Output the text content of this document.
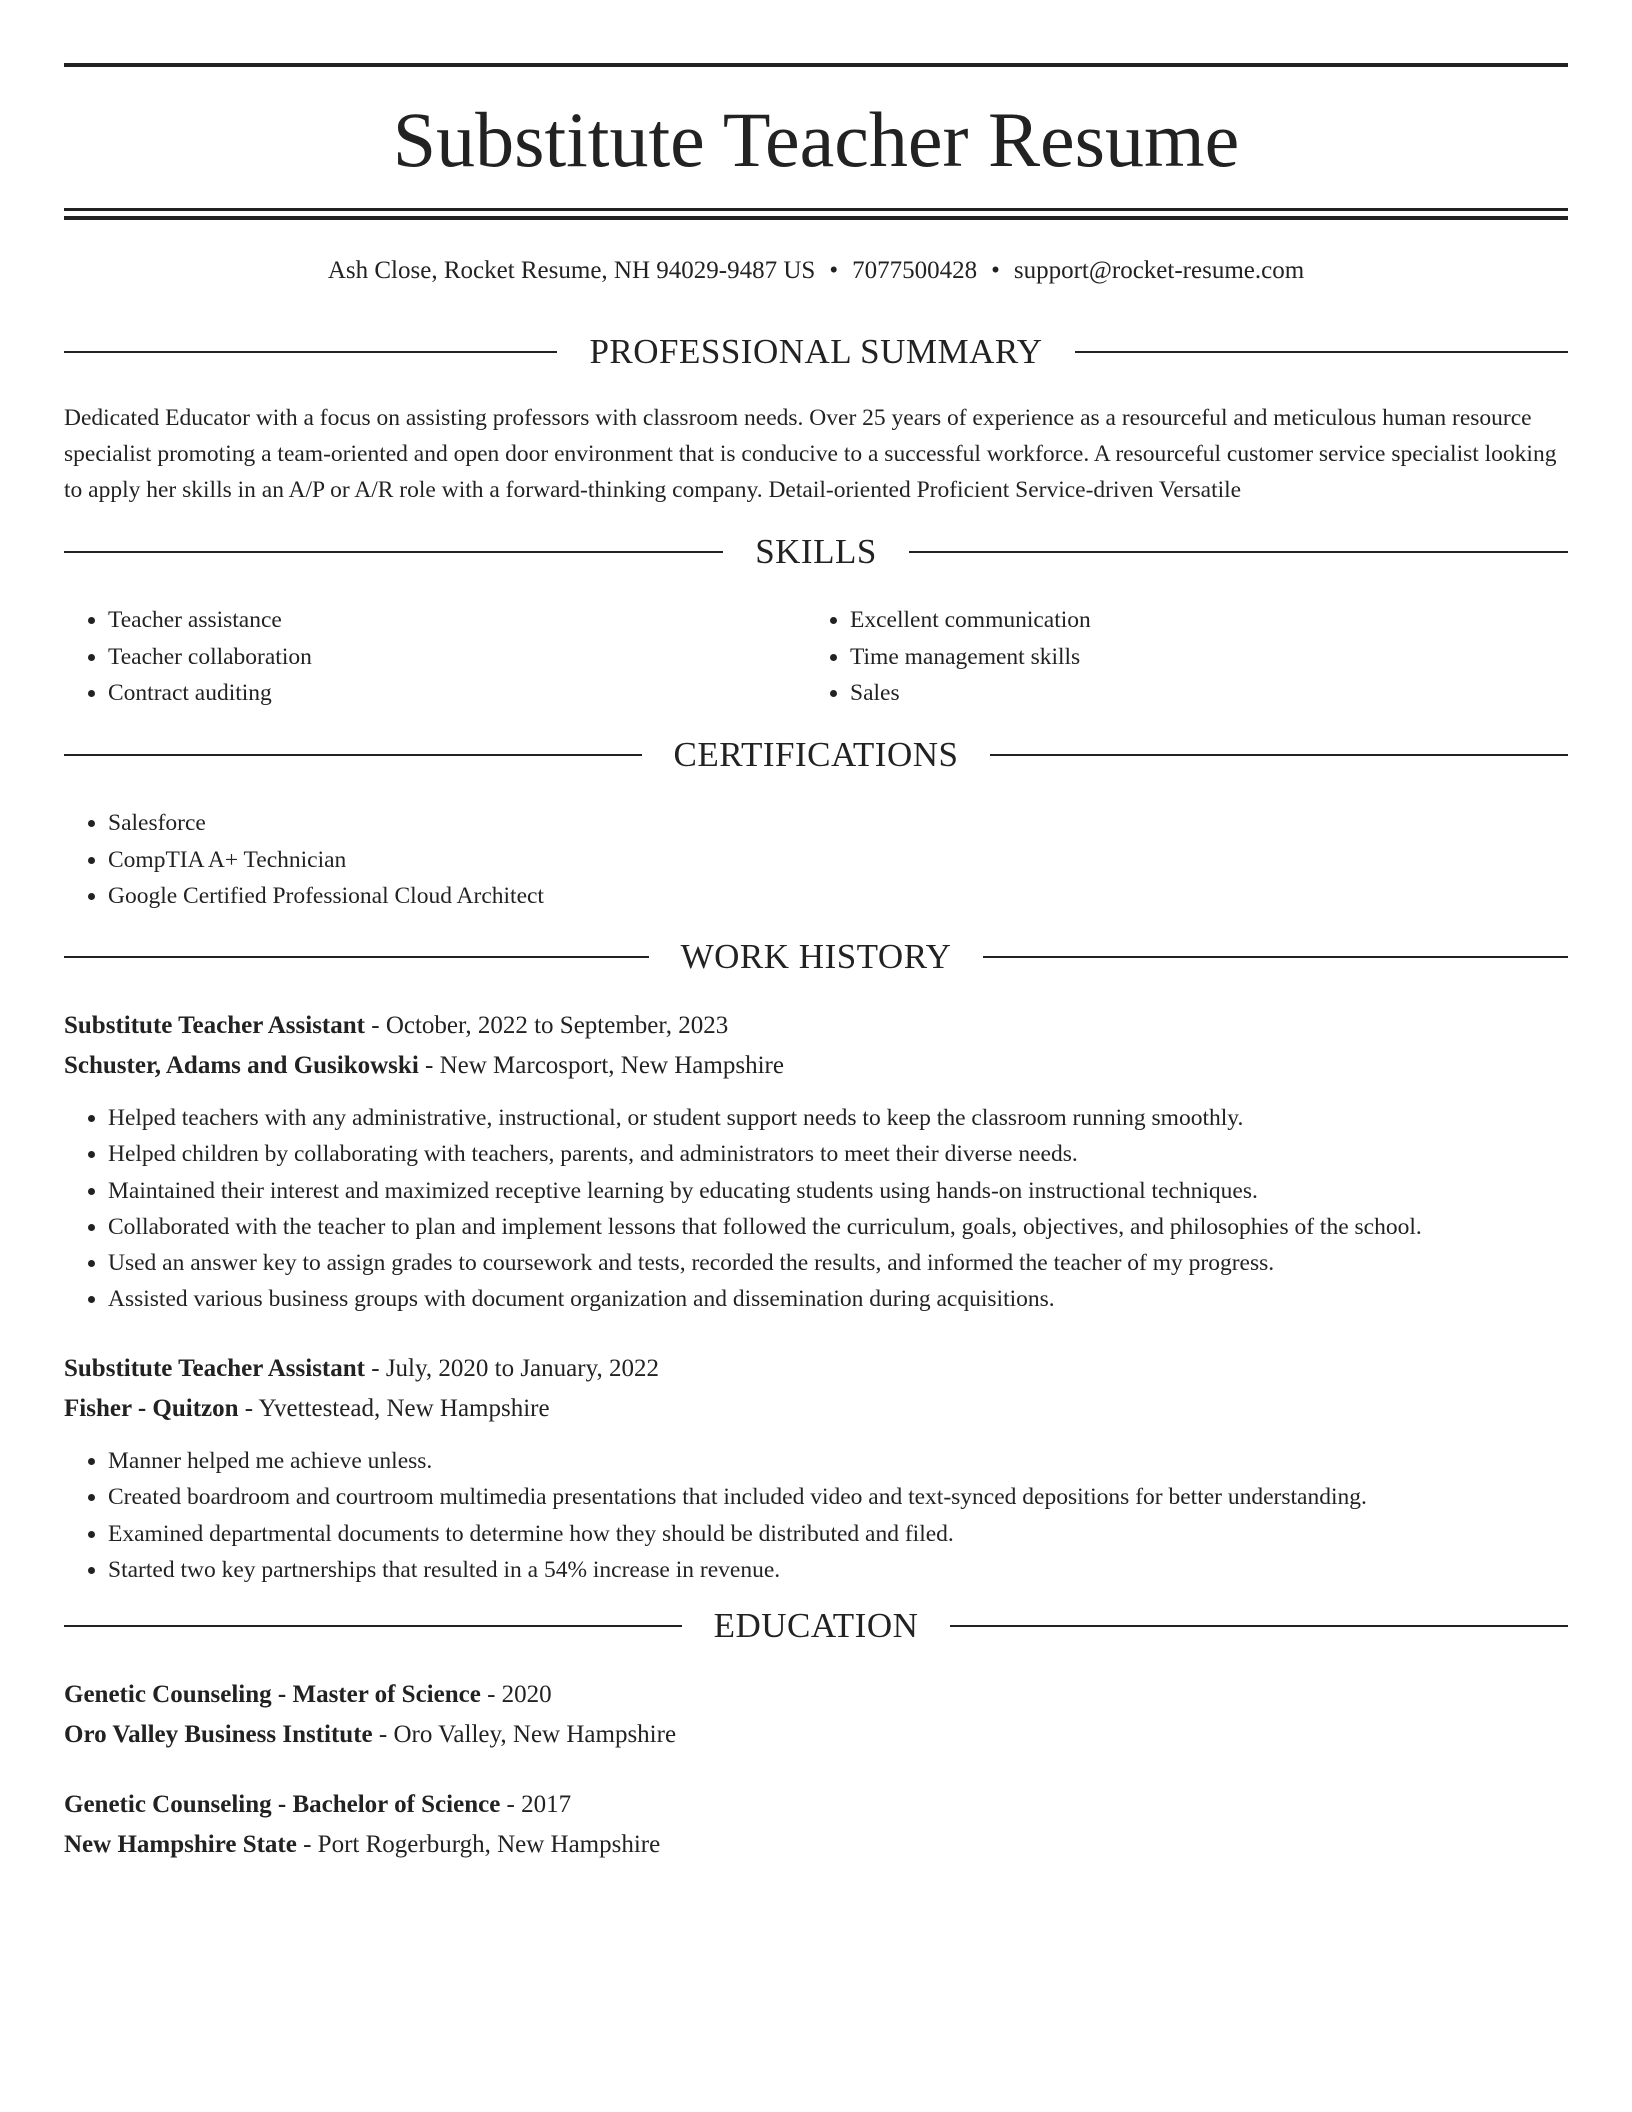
Substitute Teacher Resume
Ash Close, Rocket Resume, NH 94029-9487 US • 7077500428 • support@rocket-resume.com
PROFESSIONAL SUMMARY

Dedicated Educator with a focus on assisting professors with classroom needs. Over 25 years of experience as a resourceful and meticulous human resource specialist promoting a team-oriented and open door environment that is conducive to a successful workforce. A resourceful customer service specialist looking to apply her skills in an A/P or A/R role with a forward-thinking company. Detail-oriented Proficient Service-driven Versatile

SKILLS
• Teacher assistance
• Teacher collaboration
• Contract auditing
• Excellent communication
• Time management skills
• Sales
CERTIFICATIONS
• Salesforce
• CompTIA A+ Technician
• Google Certified Professional Cloud Architect
WORK HISTORY
Substitute Teacher Assistant - October, 2022 to September, 2023
Schuster, Adams and Gusikowski - New Marcosport, New Hampshire
• Helped teachers with any administrative, instructional, or student support needs to keep the classroom running smoothly.
• Helped children by collaborating with teachers, parents, and administrators to meet their diverse needs.
• Maintained their interest and maximized receptive learning by educating students using hands-on instructional techniques.
• Collaborated with the teacher to plan and implement lessons that followed the curriculum, goals, objectives, and philosophies of the school.
• Used an answer key to assign grades to coursework and tests, recorded the results, and informed the teacher of my progress.
• Assisted various business groups with document organization and dissemination during acquisitions.
Substitute Teacher Assistant - July, 2020 to January, 2022
Fisher - Quitzon - Yvettestead, New Hampshire
• Manner helped me achieve unless.
• Created boardroom and courtroom multimedia presentations that included video and text-synced depositions for better understanding.
• Examined departmental documents to determine how they should be distributed and filed.
• Started two key partnerships that resulted in a 54% increase in revenue.
EDUCATION
Genetic Counseling - Master of Science - 2020
Oro Valley Business Institute - Oro Valley, New Hampshire
Genetic Counseling - Bachelor of Science - 2017
New Hampshire State - Port Rogerburgh, New Hampshire
